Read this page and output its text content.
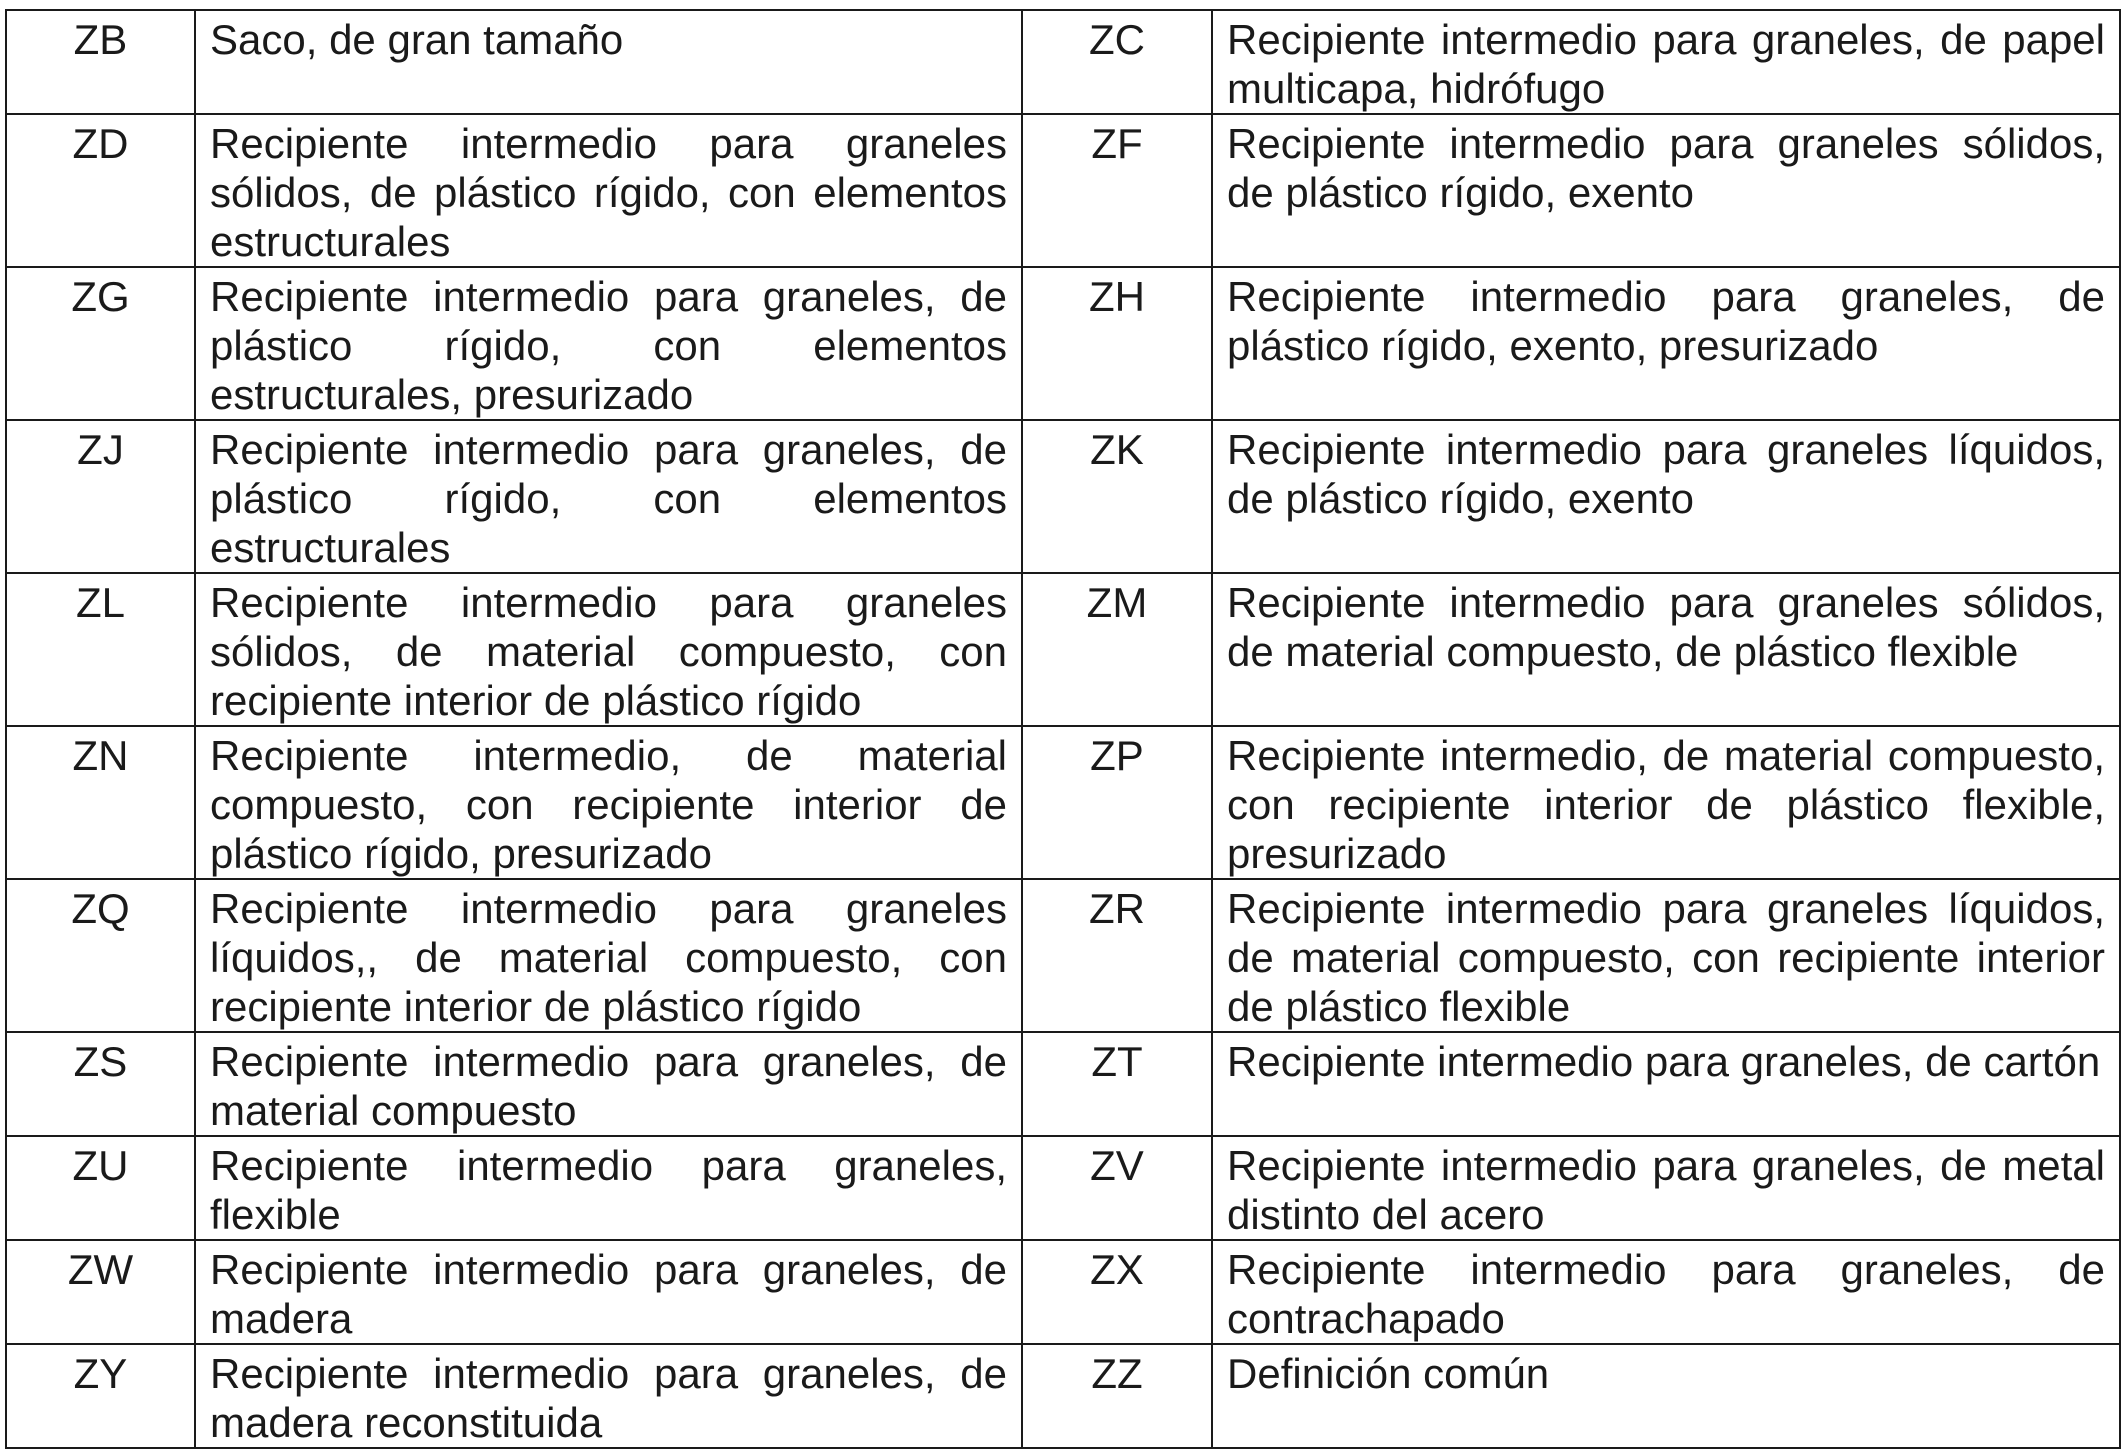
ZB	Saco, de gran tamaño	ZC	Recipiente intermedio para graneles, de papel multicapa, hidrófugo
ZD	Recipiente intermedio para graneles sólidos, de plástico rígido, con elementos estructurales	ZF	Recipiente intermedio para graneles sólidos, de plástico rígido, exento
ZG	Recipiente intermedio para graneles, de plástico rígido, con elementos estructurales, presurizado	ZH	Recipiente intermedio para graneles, de plástico rígido, exento, presurizado
ZJ	Recipiente intermedio para graneles, de plástico rígido, con elementos estructurales	ZK	Recipiente intermedio para graneles líquidos, de plástico rígido, exento
ZL	Recipiente intermedio para graneles sólidos, de material compuesto, con recipiente interior de plástico rígido	ZM	Recipiente intermedio para graneles sólidos, de material compuesto, de plástico flexible
ZN	Recipiente intermedio, de material compuesto, con recipiente interior de plástico rígido, presurizado	ZP	Recipiente intermedio, de material compuesto, con recipiente interior de plástico flexible, presurizado
ZQ	Recipiente intermedio para graneles líquidos,, de material compuesto, con recipiente interior de plástico rígido	ZR	Recipiente intermedio para graneles líquidos, de material compuesto, con recipiente interior de plástico flexible
ZS	Recipiente intermedio para graneles, de material compuesto	ZT	Recipiente intermedio para graneles, de cartón
ZU	Recipiente intermedio para graneles, flexible	ZV	Recipiente intermedio para graneles, de metal distinto del acero
ZW	Recipiente intermedio para graneles, de madera	ZX	Recipiente intermedio para graneles, de contrachapado
ZY	Recipiente intermedio para graneles, de madera reconstituida	ZZ	Definición común
